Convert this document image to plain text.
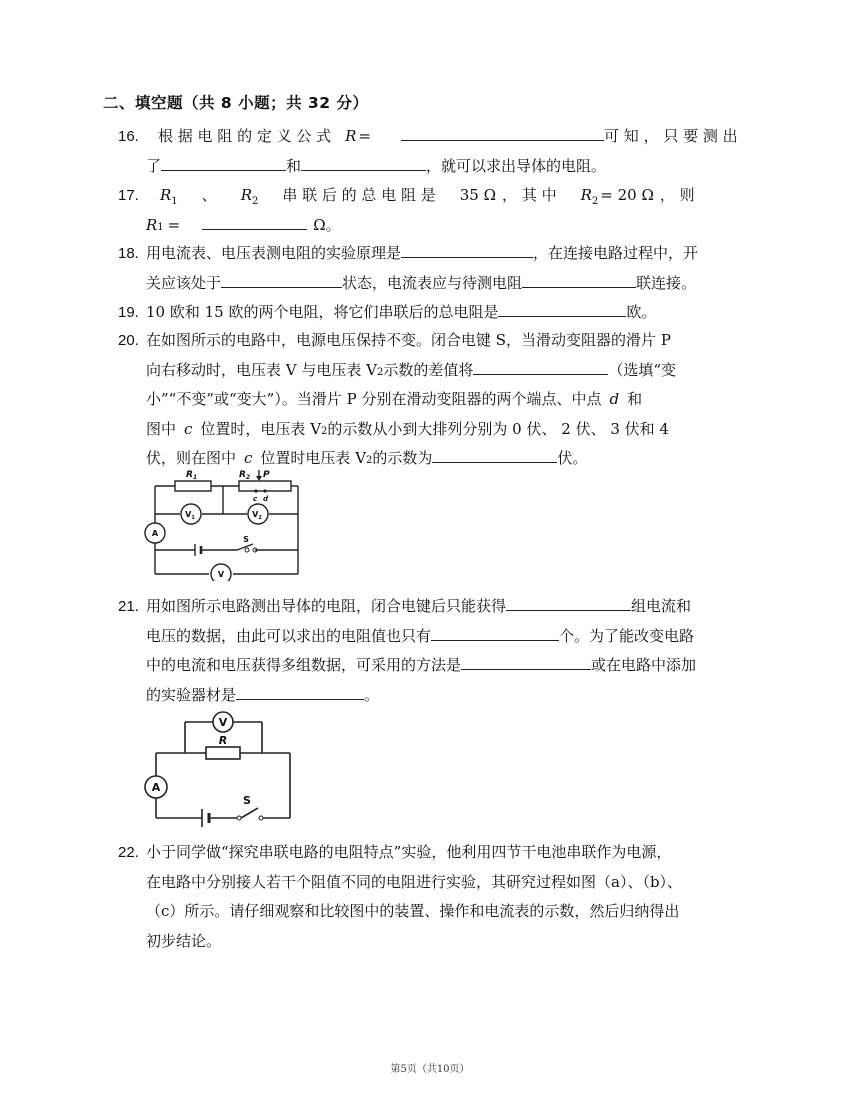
二、填空题（共 8 小题；共 32 分）
16.	根 据 电 阻 的 定 义 公 式 R =	可 知 ， 只 要 测 出
了	和	，就可以求出导体的电阻。
17.	$R_1$ 、 $R_2$ 串 联 后 的 总 电 阻 是 35 Ω ， 其 中 $R_2 = 20$ Ω ， 则
R 1 =	Ω。
18. 用电流表、电压表测电阻的实验原理是	，在连接电路过程中，开
关应该处于	状态，电流表应与待测电阻	联连接。
19. 10 欧和 15 欧的两个电阻，将它们串联后的总电阻是	欧。
20. 在如图所示的电路中，电源电压保持不变。闭合电键 S，当滑动变阻器的滑片 P
向右移动时，电压表 V 与电压表 V 2 示数的差值将	（选填“变
小”“不变”或“变大”）。当滑片 P 分别在滑动变阻器的两个端点、中点 d 和
图中 c 位置时，电压表 V 2 的示数从小到大排列分别为 0 伏、 2 伏、 3 伏和 4
伏，则在图中 c 位置时电压表 V 2 的示数为	伏。
$R_1$	$R_2$ P
c d
$V_1$	$V_2$
A
V
S
21. 用如图所示电路测出导体的电阻，闭合电键后只能获得	组电流和
电压的数据，由此可以求出的电阻值也只有	个。为了能改变电路
中的电流和电压获得多组数据，可采用的方法是	或在电路中添加
的实验器材是	。
V
R
A
S
22. 小于同学做“探究串联电路的电阻特点”实验，他利用四节干电池串联作为电源，
在电路中分别接人若干个阻值不同的电阻进行实验，其研究过程如图（a）、（b）、
（c）所示。请仔细观察和比较图中的装置、操作和电流表的示数，然后归纳得出
初步结论。
第5页（共10页）
